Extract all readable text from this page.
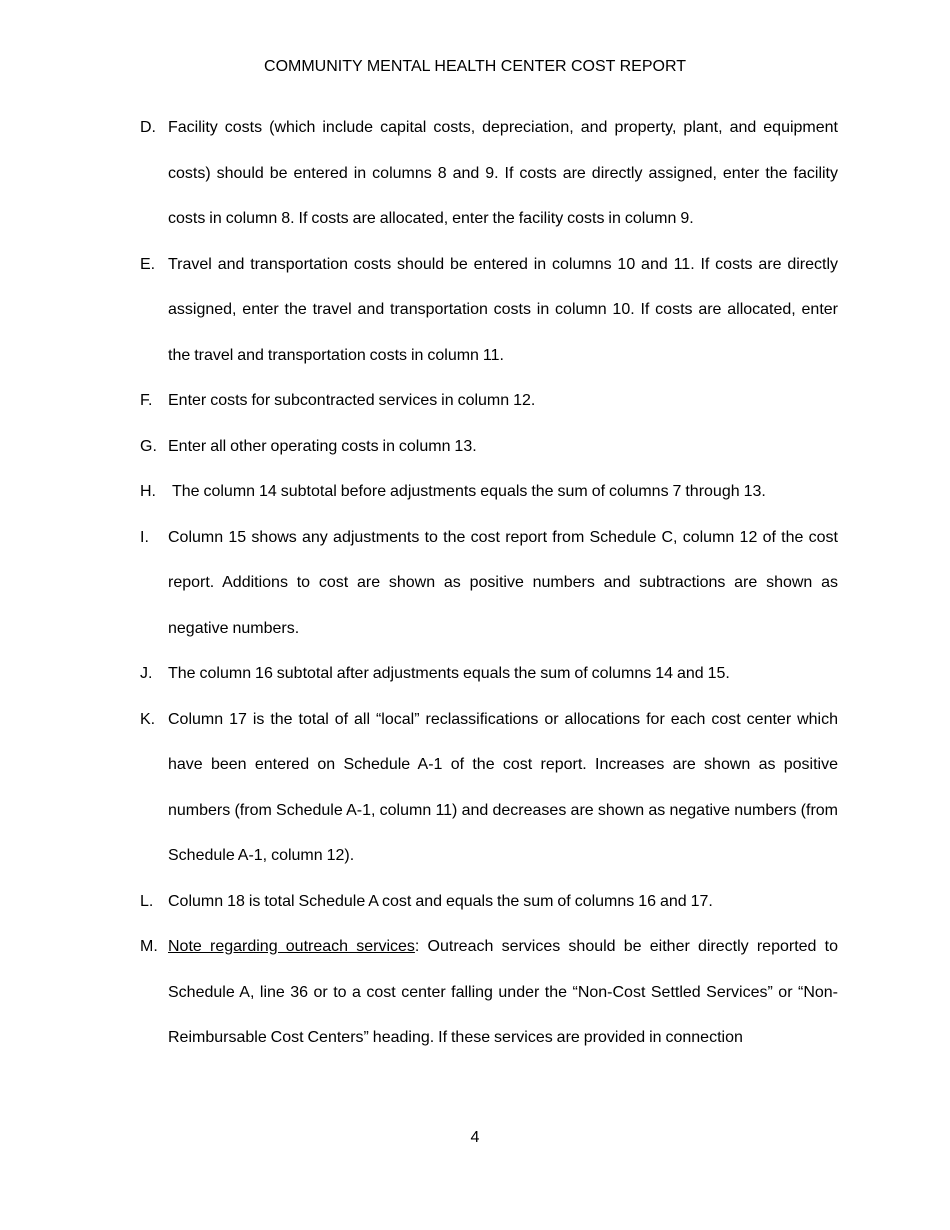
COMMUNITY MENTAL HEALTH CENTER COST REPORT
D. Facility costs (which include capital costs, depreciation, and property, plant, and equipment costs) should be entered in columns 8 and 9. If costs are directly assigned, enter the facility costs in column 8. If costs are allocated, enter the facility costs in column 9.
E. Travel and transportation costs should be entered in columns 10 and 11. If costs are directly assigned, enter the travel and transportation costs in column 10. If costs are allocated, enter the travel and transportation costs in column 11.
F. Enter costs for subcontracted services in column 12.
G. Enter all other operating costs in column 13.
H. The column 14 subtotal before adjustments equals the sum of columns 7 through 13.
I. Column 15 shows any adjustments to the cost report from Schedule C, column 12 of the cost report. Additions to cost are shown as positive numbers and subtractions are shown as negative numbers.
J. The column 16 subtotal after adjustments equals the sum of columns 14 and 15.
K. Column 17 is the total of all “local” reclassifications or allocations for each cost center which have been entered on Schedule A-1 of the cost report. Increases are shown as positive numbers (from Schedule A-1, column 11) and decreases are shown as negative numbers (from Schedule A-1, column 12).
L. Column 18 is total Schedule A cost and equals the sum of columns 16 and 17.
M. Note regarding outreach services: Outreach services should be either directly reported to Schedule A, line 36 or to a cost center falling under the “Non-Cost Settled Services” or “Non-Reimbursable Cost Centers” heading. If these services are provided in connection
4
